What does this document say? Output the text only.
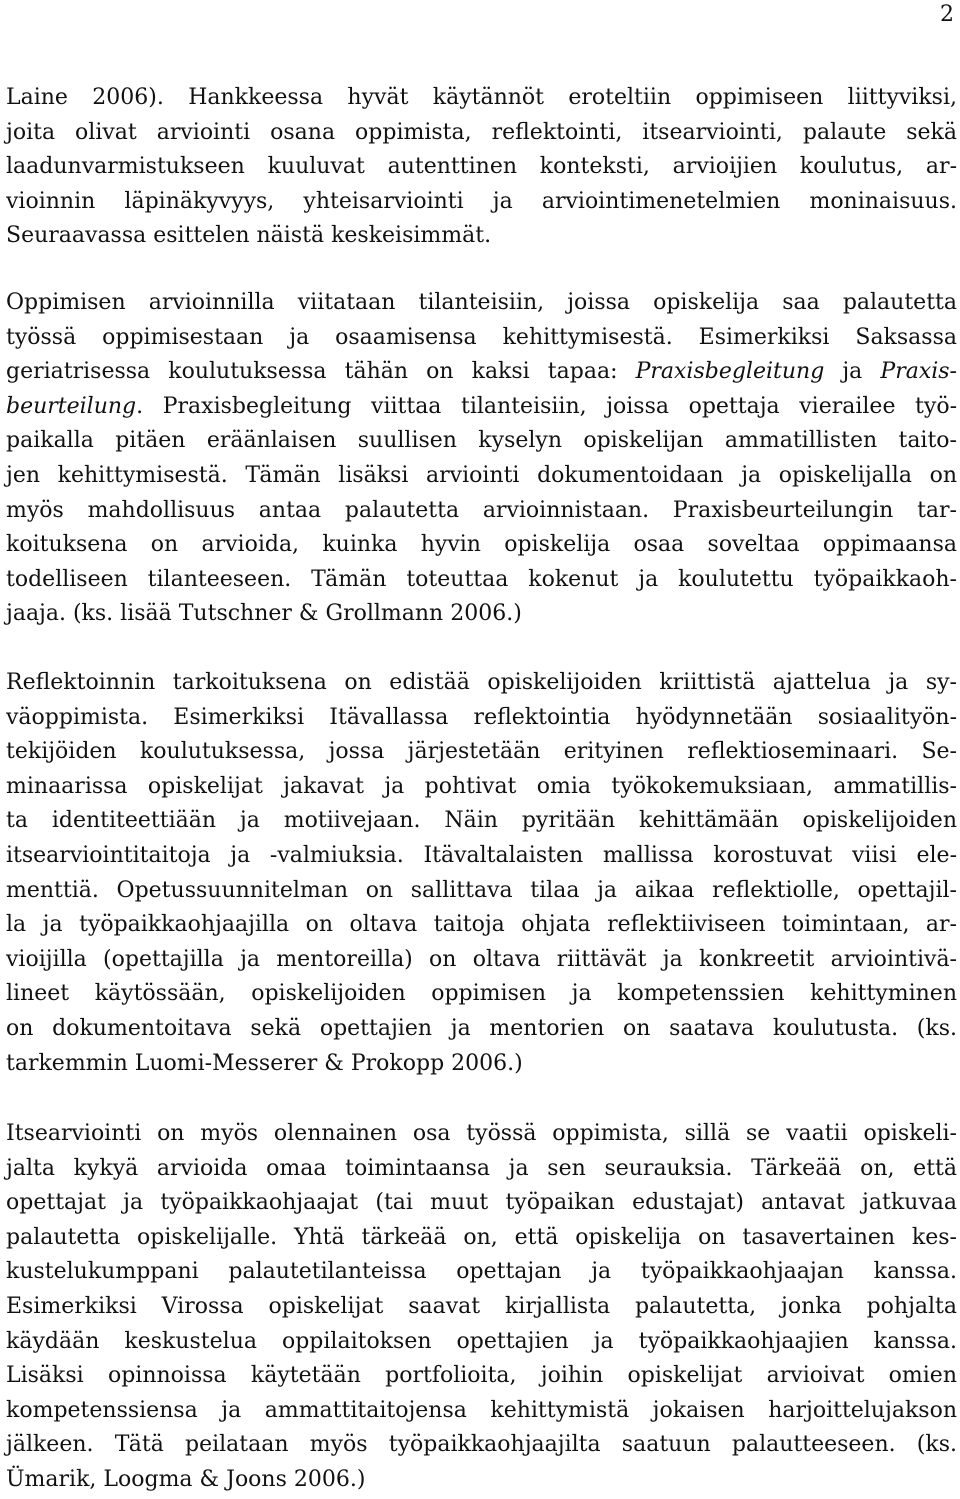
2
Laine 2006). Hankkeessa hyvät käytännöt eroteltiin oppimiseen liittyviksi,
joita olivat arviointi osana oppimista, reflektointi, itsearviointi, palaute sekä
laadunvarmistukseen kuuluvat autenttinen konteksti, arvioijien koulutus, ar-
vioinnin läpinäkyvyys, yhteisarviointi ja arviointimenetelmien moninaisuus.
Seuraavassa esittelen näistä keskeisimmät.
Oppimisen arvioinnilla viitataan tilanteisiin, joissa opiskelija saa palautetta
työssä oppimisestaan ja osaamisensa kehittymisestä. Esimerkiksi Saksassa
geriatrisessa koulutuksessa tähän on kaksi tapaa: Praxisbegleitung ja Praxis-
beurteilung. Praxisbegleitung viittaa tilanteisiin, joissa opettaja vierailee työ-
paikalla pitäen eräänlaisen suullisen kyselyn opiskelijan ammatillisten taito-
jen kehittymisestä. Tämän lisäksi arviointi dokumentoidaan ja opiskelijalla on
myös mahdollisuus antaa palautetta arvioinnistaan. Praxisbeurteilungin tar-
koituksena on arvioida, kuinka hyvin opiskelija osaa soveltaa oppimaansa
todelliseen tilanteeseen. Tämän toteuttaa kokenut ja koulutettu työpaikkaoh-
jaaja. (ks. lisää Tutschner & Grollmann 2006.)
Reflektoinnin tarkoituksena on edistää opiskelijoiden kriittistä ajattelua ja sy-
väoppimista. Esimerkiksi Itävallassa reflektointia hyödynnetään sosiaalityön-
tekijöiden koulutuksessa, jossa järjestetään erityinen reflektioseminaari. Se-
minaarissa opiskelijat jakavat ja pohtivat omia työkokemuksiaan, ammatillis-
ta identiteettiään ja motiivejaan. Näin pyritään kehittämään opiskelijoiden
itsearviointitaitoja ja -valmiuksia. Itävaltalaisten mallissa korostuvat viisi ele-
menttiä. Opetussuunnitelman on sallittava tilaa ja aikaa reflektiolle, opettajil-
la ja työpaikkaohjaajilla on oltava taitoja ohjata reflektiiviseen toimintaan, ar-
vioijilla (opettajilla ja mentoreilla) on oltava riittävät ja konkreetit arviointivä-
lineet käytössään, opiskelijoiden oppimisen ja kompetenssien kehittyminen
on dokumentoitava sekä opettajien ja mentorien on saatava koulutusta. (ks.
tarkemmin Luomi-Messerer & Prokopp 2006.)
Itsearviointi on myös olennainen osa työssä oppimista, sillä se vaatii opiskeli-
jalta kykyä arvioida omaa toimintaansa ja sen seurauksia. Tärkeää on, että
opettajat ja työpaikkaohjaajat (tai muut työpaikan edustajat) antavat jatkuvaa
palautetta opiskelijalle. Yhtä tärkeää on, että opiskelija on tasavertainen kes-
kustelukumppani palautetilanteissa opettajan ja työpaikkaohjaajan kanssa.
Esimerkiksi Virossa opiskelijat saavat kirjallista palautetta, jonka pohjalta
käydään keskustelua oppilaitoksen opettajien ja työpaikkaohjaajien kanssa.
Lisäksi opinnoissa käytetään portfolioita, joihin opiskelijat arvioivat omien
kompetenssiensa ja ammattitaitojensa kehittymistä jokaisen harjoittelujakson
jälkeen. Tätä peilataan myös työpaikkaohjaajilta saatuun palautteeseen. (ks.
Ümarik, Loogma & Joons 2006.)
